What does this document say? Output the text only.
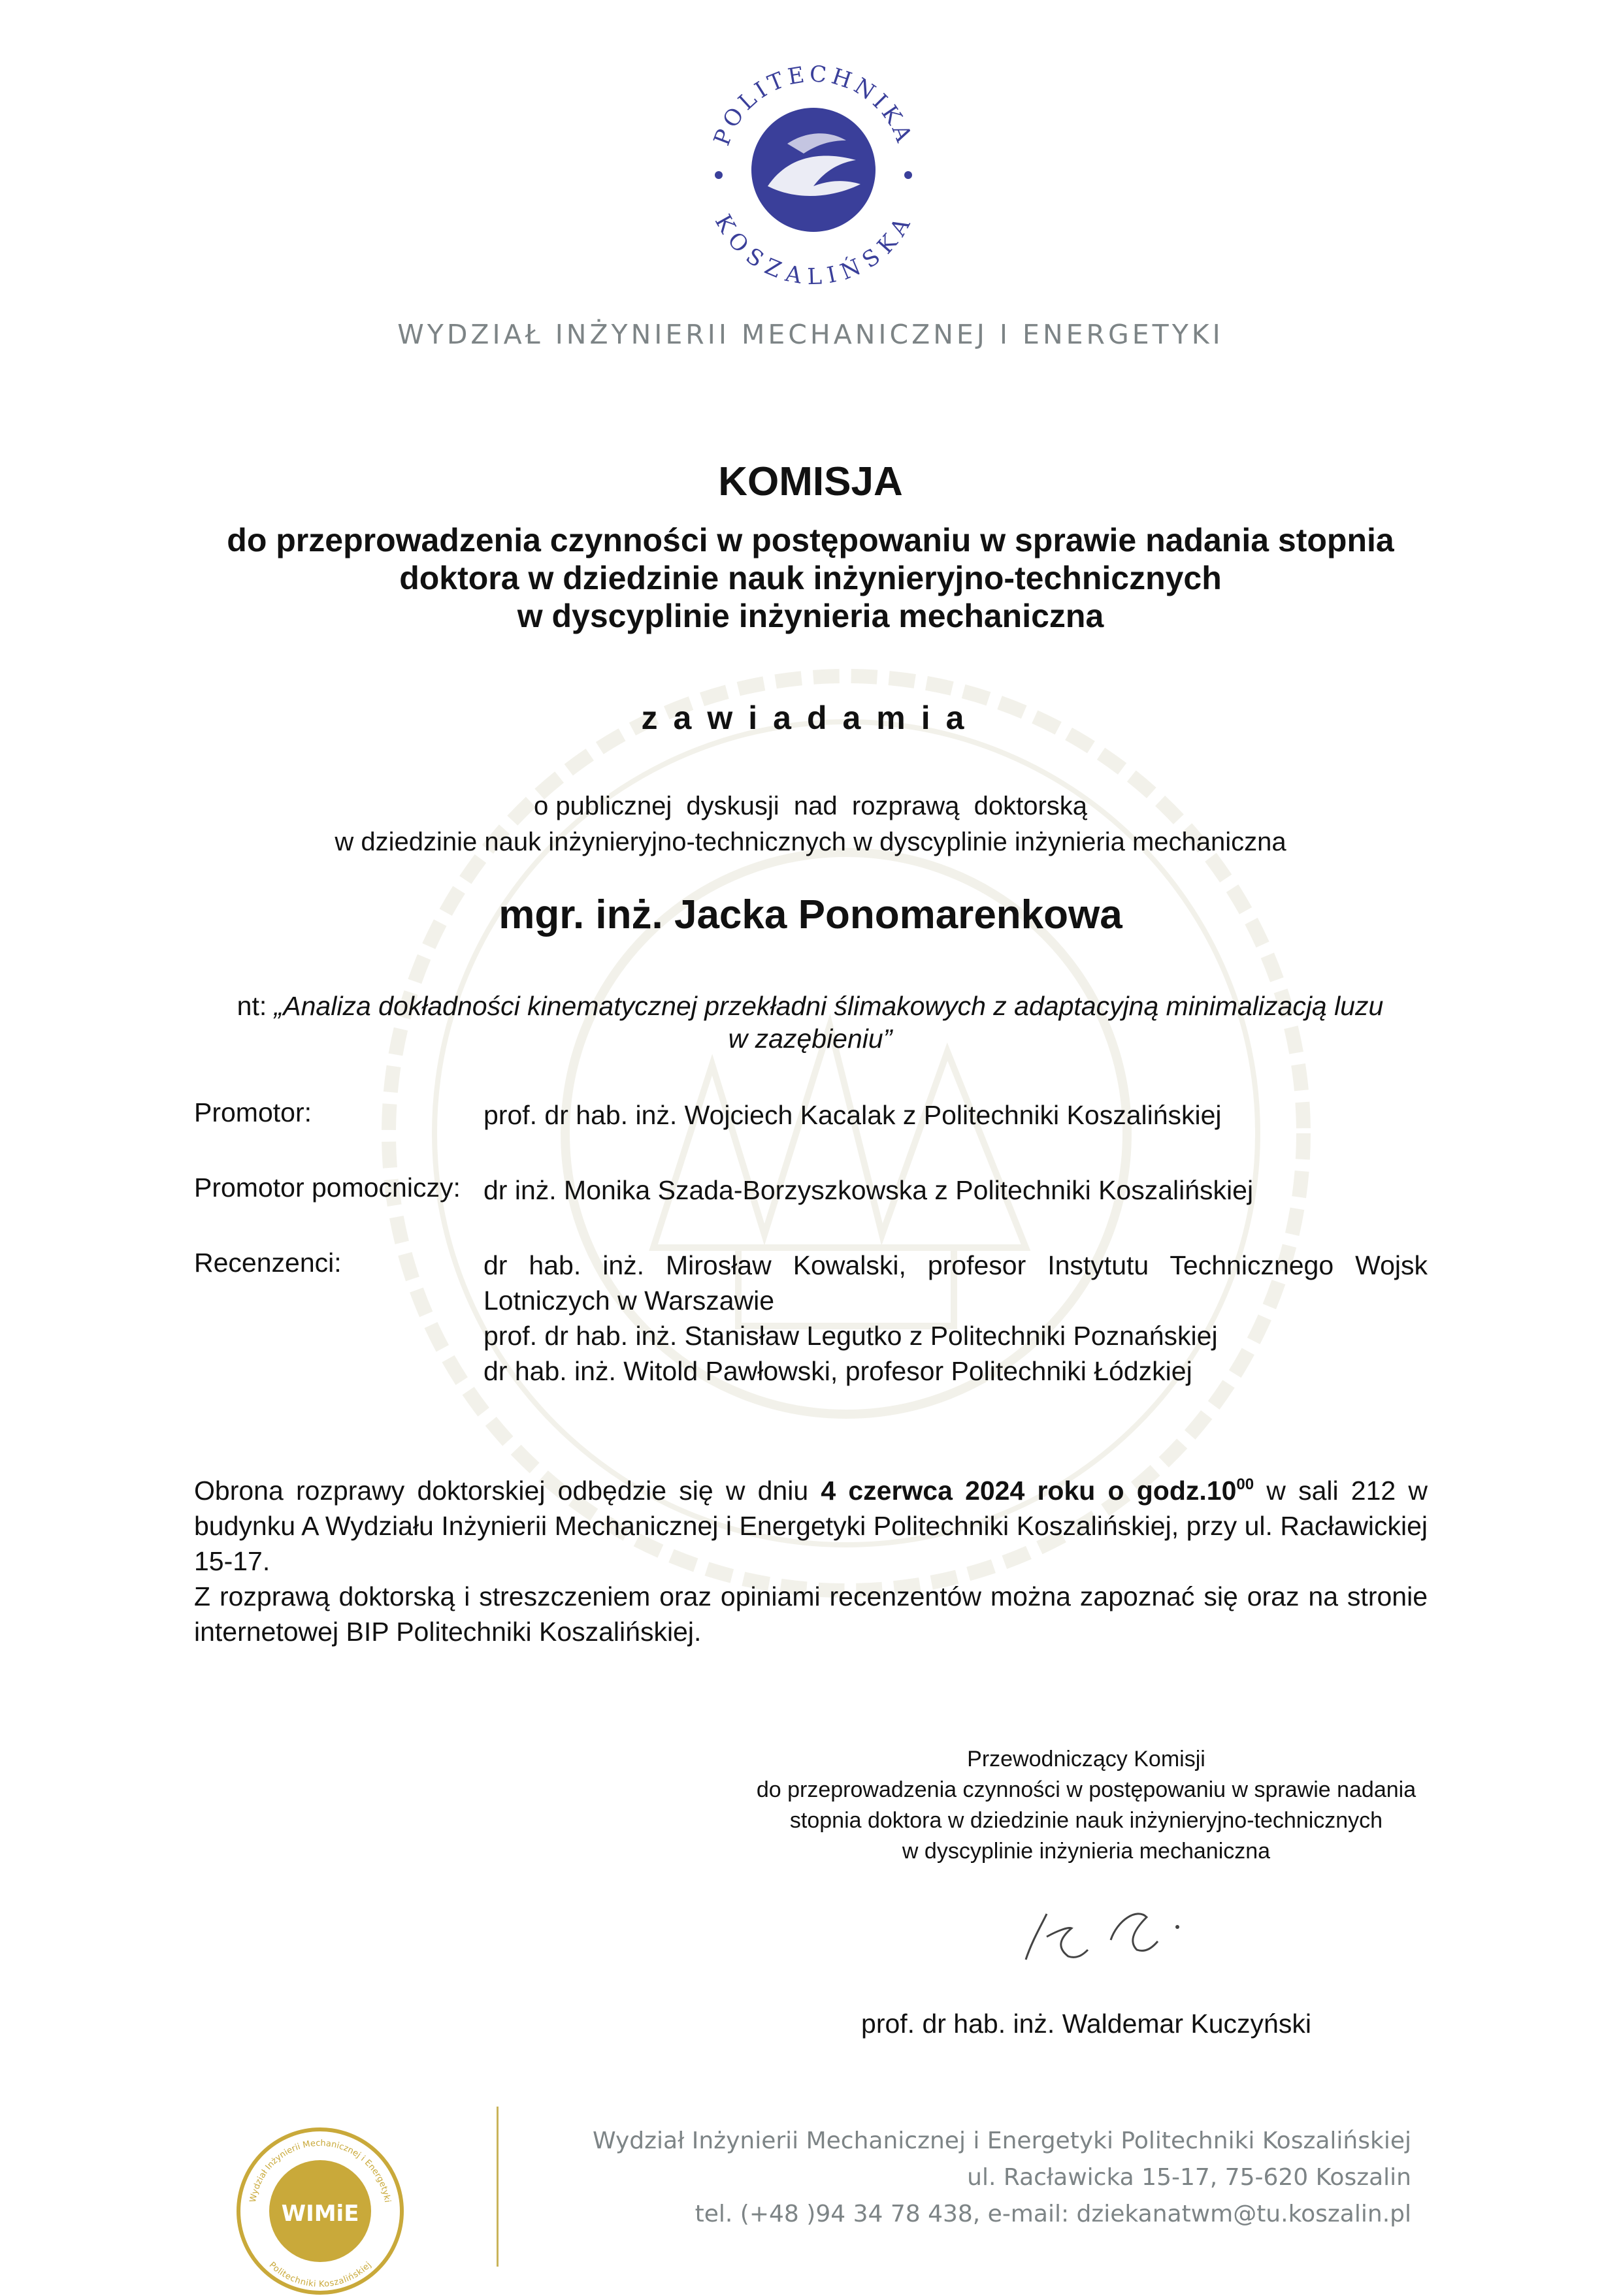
POLITECHNIKA
KOSZALIŃSKA
WYDZIAŁ INŻYNIERII MECHANICZNEJ I ENERGETYKI
KOMISJA
do przeprowadzenia czynności w postępowaniu w sprawie nadania stopnia
doktora w dziedzinie nauk inżynieryjno-technicznych
w dyscyplinie inżynieria mechaniczna
zawiadamia
o publicznej  dyskusji  nad  rozprawą  doktorską
w dziedzinie nauk inżynieryjno-technicznych w dyscyplinie inżynieria mechaniczna
mgr. inż. Jacka Ponomarenkowa
nt: „Analiza dokładności kinematycznej przekładni ślimakowych z adaptacyjną minimalizacją luzu
w zazębieniu”
Promotor:	prof. dr hab. inż. Wojciech Kacalak z Politechniki Koszalińskiej
Promotor pomocniczy: dr inż. Monika Szada-Borzyszkowska z Politechniki Koszalińskiej
Recenzenci:	dr hab. inż. Mirosław Kowalski, profesor Instytutu Technicznego Wojsk Lotniczych w Warszawie
prof. dr hab. inż. Stanisław Legutko z Politechniki Poznańskiej
dr hab. inż. Witold Pawłowski, profesor Politechniki Łódzkiej

Obrona rozprawy doktorskiej odbędzie się w dniu 4 czerwca 2024 roku o $godz.10^{00}$ w sali 212 w budynku A Wydziału Inżynierii Mechanicznej i Energetyki Politechniki Koszalińskiej, przy ul. Racławickiej 15-17.

Z rozprawą doktorską i streszczeniem oraz opiniami recenzentów można zapoznać się oraz na stronie internetowej BIP Politechniki Koszalińskiej.

Przewodniczący Komisji
do przeprowadzenia czynności w postępowaniu w sprawie nadania
stopnia doktora w dziedzinie nauk inżynieryjno-technicznych
w dyscyplinie inżynieria mechaniczna
prof. dr hab. inż. Waldemar Kuczyński
Wydział Inżynierii Mechanicznej i Energetyki
Politechniki Koszalińskiej
WIMiE
Wydział Inżynierii Mechanicznej i Energetyki Politechniki Koszalińskiej
ul. Racławicka 15-17, 75-620 Koszalin
tel. (+48 )94 34 78 438, e-mail: dziekanatwm@tu.koszalin.pl
